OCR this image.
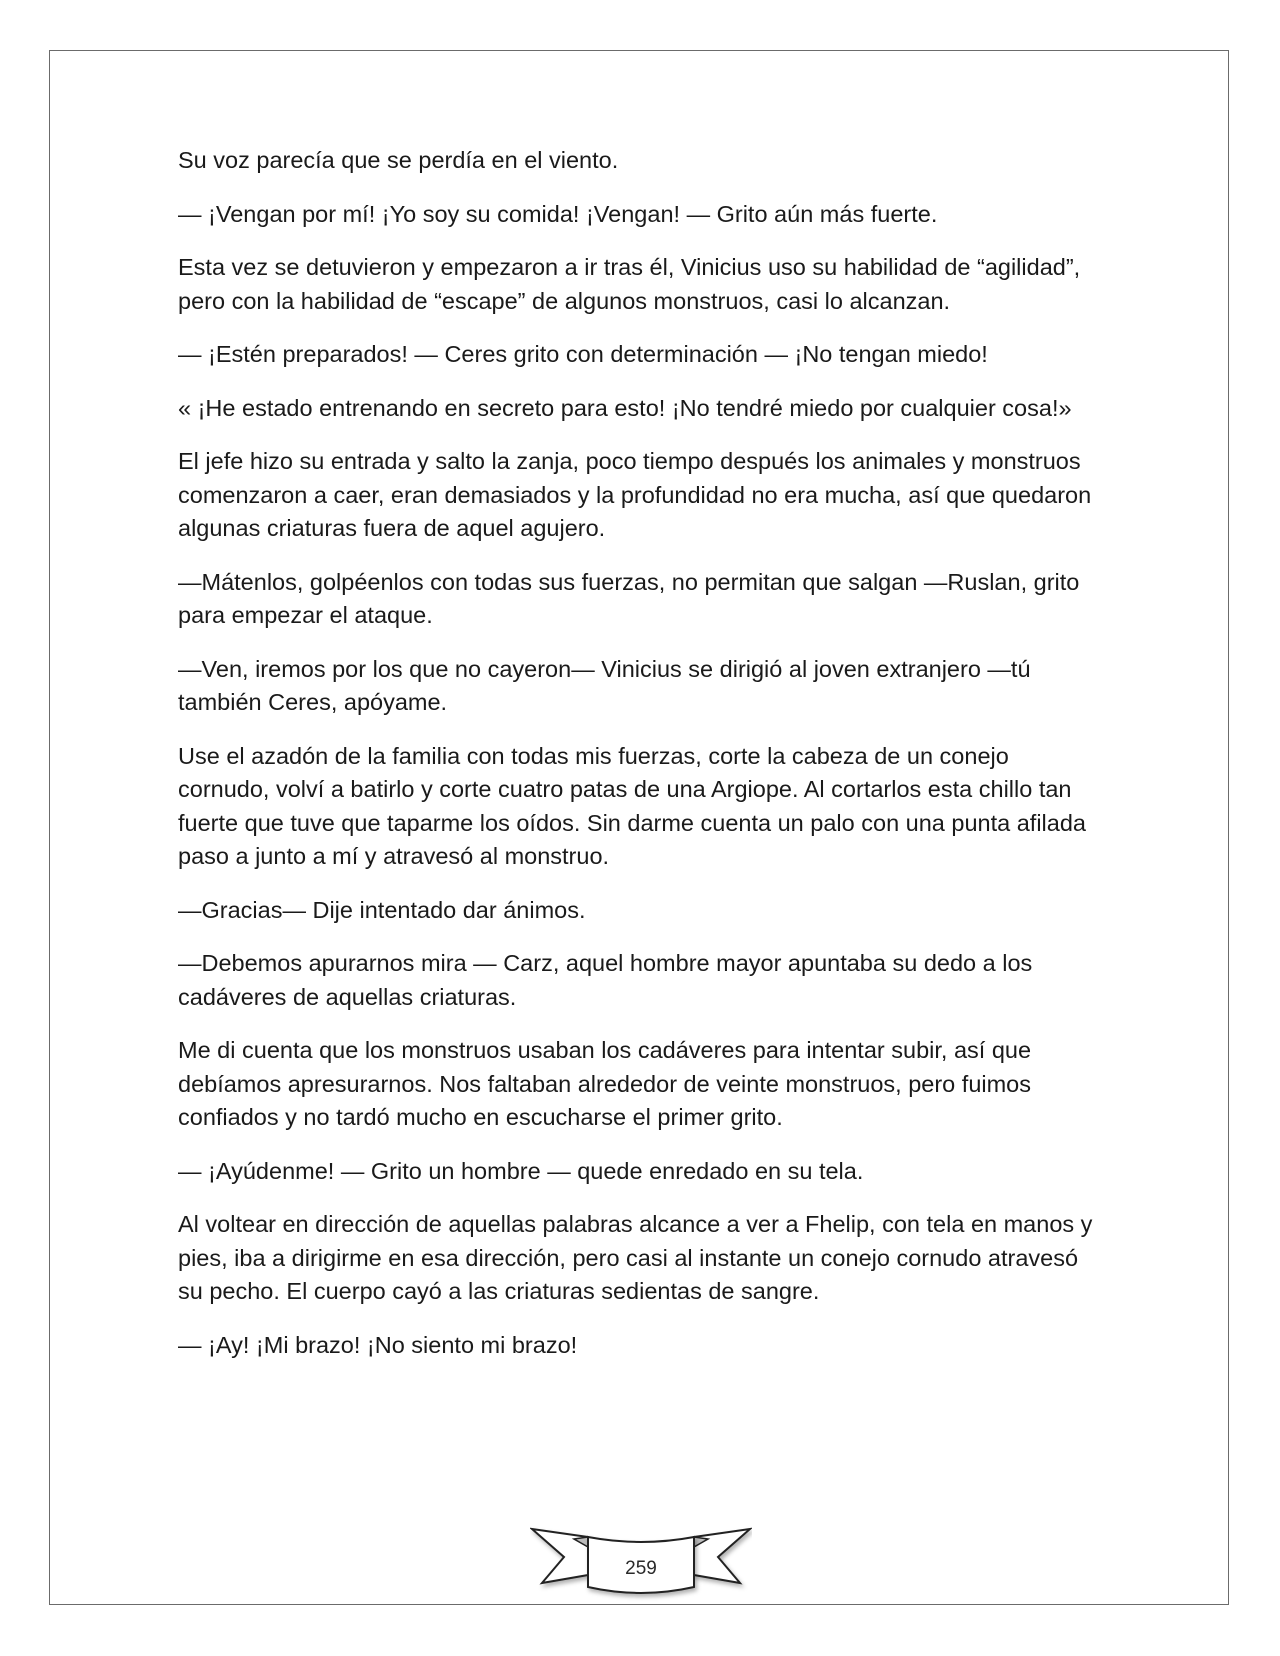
Su voz parecía que se perdía en el viento.

— ¡Vengan por mí! ¡Yo soy su comida! ¡Vengan! — Grito aún más fuerte.

Esta vez se detuvieron y empezaron a ir tras él, Vinicius uso su habilidad de “agilidad”, pero con la habilidad de “escape” de algunos monstruos, casi lo alcanzan.

— ¡Estén preparados! — Ceres grito con determinación — ¡No tengan miedo!

« ¡He estado entrenando en secreto para esto! ¡No tendré miedo por cualquier cosa!»

El jefe hizo su entrada y salto la zanja, poco tiempo después los animales y monstruos comenzaron a caer, eran demasiados y la profundidad no era mucha, así que quedaron algunas criaturas fuera de aquel agujero.

—Mátenlos, golpéenlos con todas sus fuerzas, no permitan que salgan —Ruslan, grito para empezar el ataque.

—Ven, iremos por los que no cayeron— Vinicius se dirigió al joven extranjero —tú también Ceres, apóyame.

Use el azadón de la familia con todas mis fuerzas, corte la cabeza de un conejo cornudo, volví a batirlo y corte cuatro patas de una Argiope. Al cortarlos esta chillo tan fuerte que tuve que taparme los oídos. Sin darme cuenta un palo con una punta afilada paso a junto a mí y atravesó al monstruo.

—Gracias— Dije intentado dar ánimos.

—Debemos apurarnos mira — Carz, aquel hombre mayor apuntaba su dedo a los cadáveres de aquellas criaturas.

Me di cuenta que los monstruos usaban los cadáveres para intentar subir, así que debíamos apresurarnos. Nos faltaban alrededor de veinte monstruos, pero fuimos confiados y no tardó mucho en escucharse el primer grito.

— ¡Ayúdenme! — Grito un hombre — quede enredado en su tela.

Al voltear en dirección de aquellas palabras alcance a ver a Fhelip, con tela en manos y pies, iba a dirigirme en esa dirección, pero casi al instante un conejo cornudo atravesó su pecho. El cuerpo cayó a las criaturas sedientas de sangre.

— ¡Ay! ¡Mi brazo! ¡No siento mi brazo!

259
